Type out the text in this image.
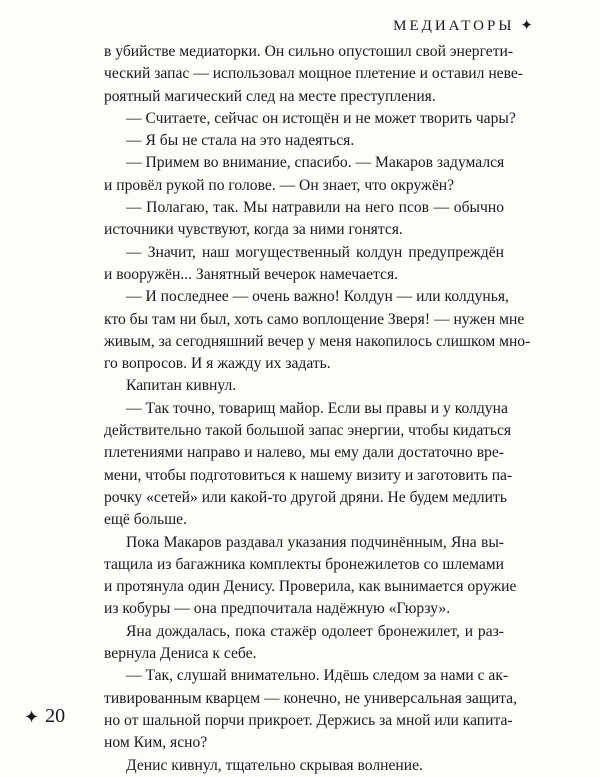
МЕДИАТОРЫ ✦
в убийстве медиаторки. Он сильно опустошил свой энергети-
ческий запас — использовал мощное плетение и оставил неве-
роятный магический след на месте преступления.
— Считаете, сейчас он истощён и не может творить чары?
— Я бы не стала на это надеяться.
— Примем во внимание, спасибо. — Макаров задумался
и провёл рукой по голове. — Он знает, что окружён?
— Полагаю, так. Мы натравили на него псов — обычно
источники чувствуют, когда за ними гонятся.
— Значит, наш могущественный колдун предупреждён
и вооружён... Занятный вечерок намечается.
— И последнее — очень важно! Колдун — или колдунья,
кто бы там ни был, хоть само воплощение Зверя! — нужен мне
живым, за сегодняшний вечер у меня накопилось слишком мно-
го вопросов. И я жажду их задать.
Капитан кивнул.
— Так точно, товарищ майор. Если вы правы и у колдуна
действительно такой большой запас энергии, чтобы кидаться
плетениями направо и налево, мы ему дали достаточно вре-
мени, чтобы подготовиться к нашему визиту и заготовить па-
рочку «сетей» или какой-то другой дряни. Не будем медлить
ещё больше.
Пока Макаров раздавал указания подчинённым, Яна вы-
тащила из багажника комплекты бронежилетов со шлемами
и протянула один Денису. Проверила, как вынимается оружие
из кобуры — она предпочитала надёжную «Гюрзу».
Яна дождалась, пока стажёр одолеет бронежилет, и раз-
вернула Дениса к себе.
— Так, слушай внимательно. Идёшь следом за нами с ак-
тивированным кварцем — конечно, не универсальная защита,
но от шальной порчи прикроет. Держись за мной или капита-
ном Ким, ясно?
Денис кивнул, тщательно скрывая волнение.
✦ 20
